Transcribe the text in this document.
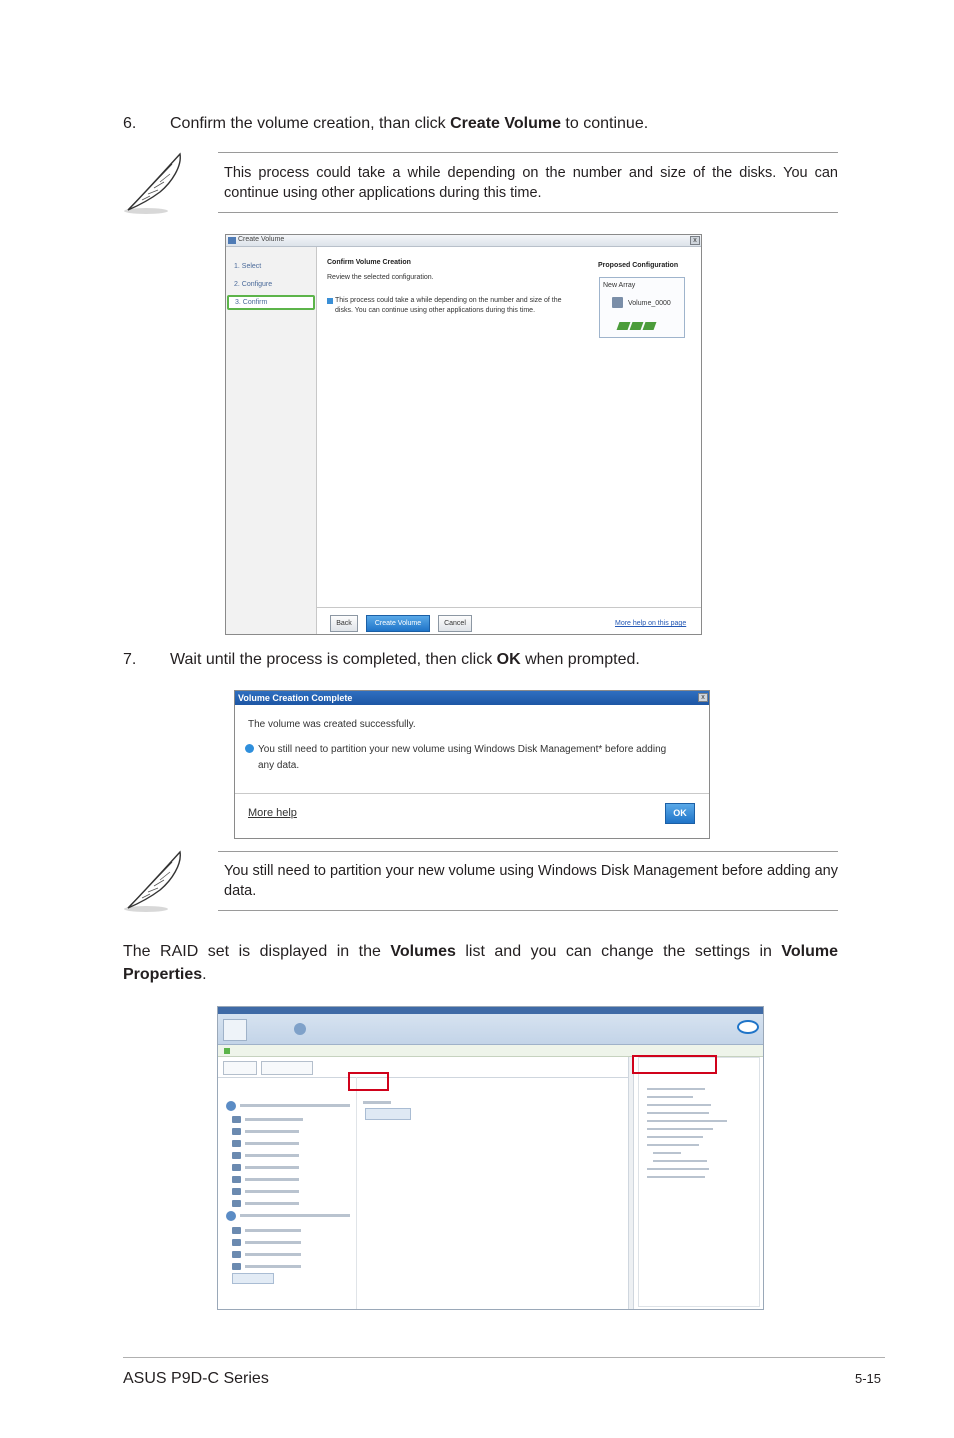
6. Confirm the volume creation, than click Create Volume to continue.
This process could take a while depending on the number and size of the disks. You can continue using other applications during this time.
Create Volume	x
1. Select
2. Configure
3. Confirm
Confirm Volume Creation
Review the selected configuration.
This process could take a while depending on the number and size of the
disks. You can continue using other applications during this time.
Proposed Configuration
New Array
Volume_0000
Back	Create Volume	Cancel	More help on this page
7. Wait until the process is completed, then click OK when prompted.
Volume Creation Complete	x
The volume was created successfully.
You still need to partition your new volume using Windows Disk Management* before adding
any data.
More help	OK
You still need to partition your new volume using Windows Disk Management before adding any data.
The RAID set is displayed in the Volumes list and you can change the settings in Volume Properties.
ASUS P9D-C Series	5-15
